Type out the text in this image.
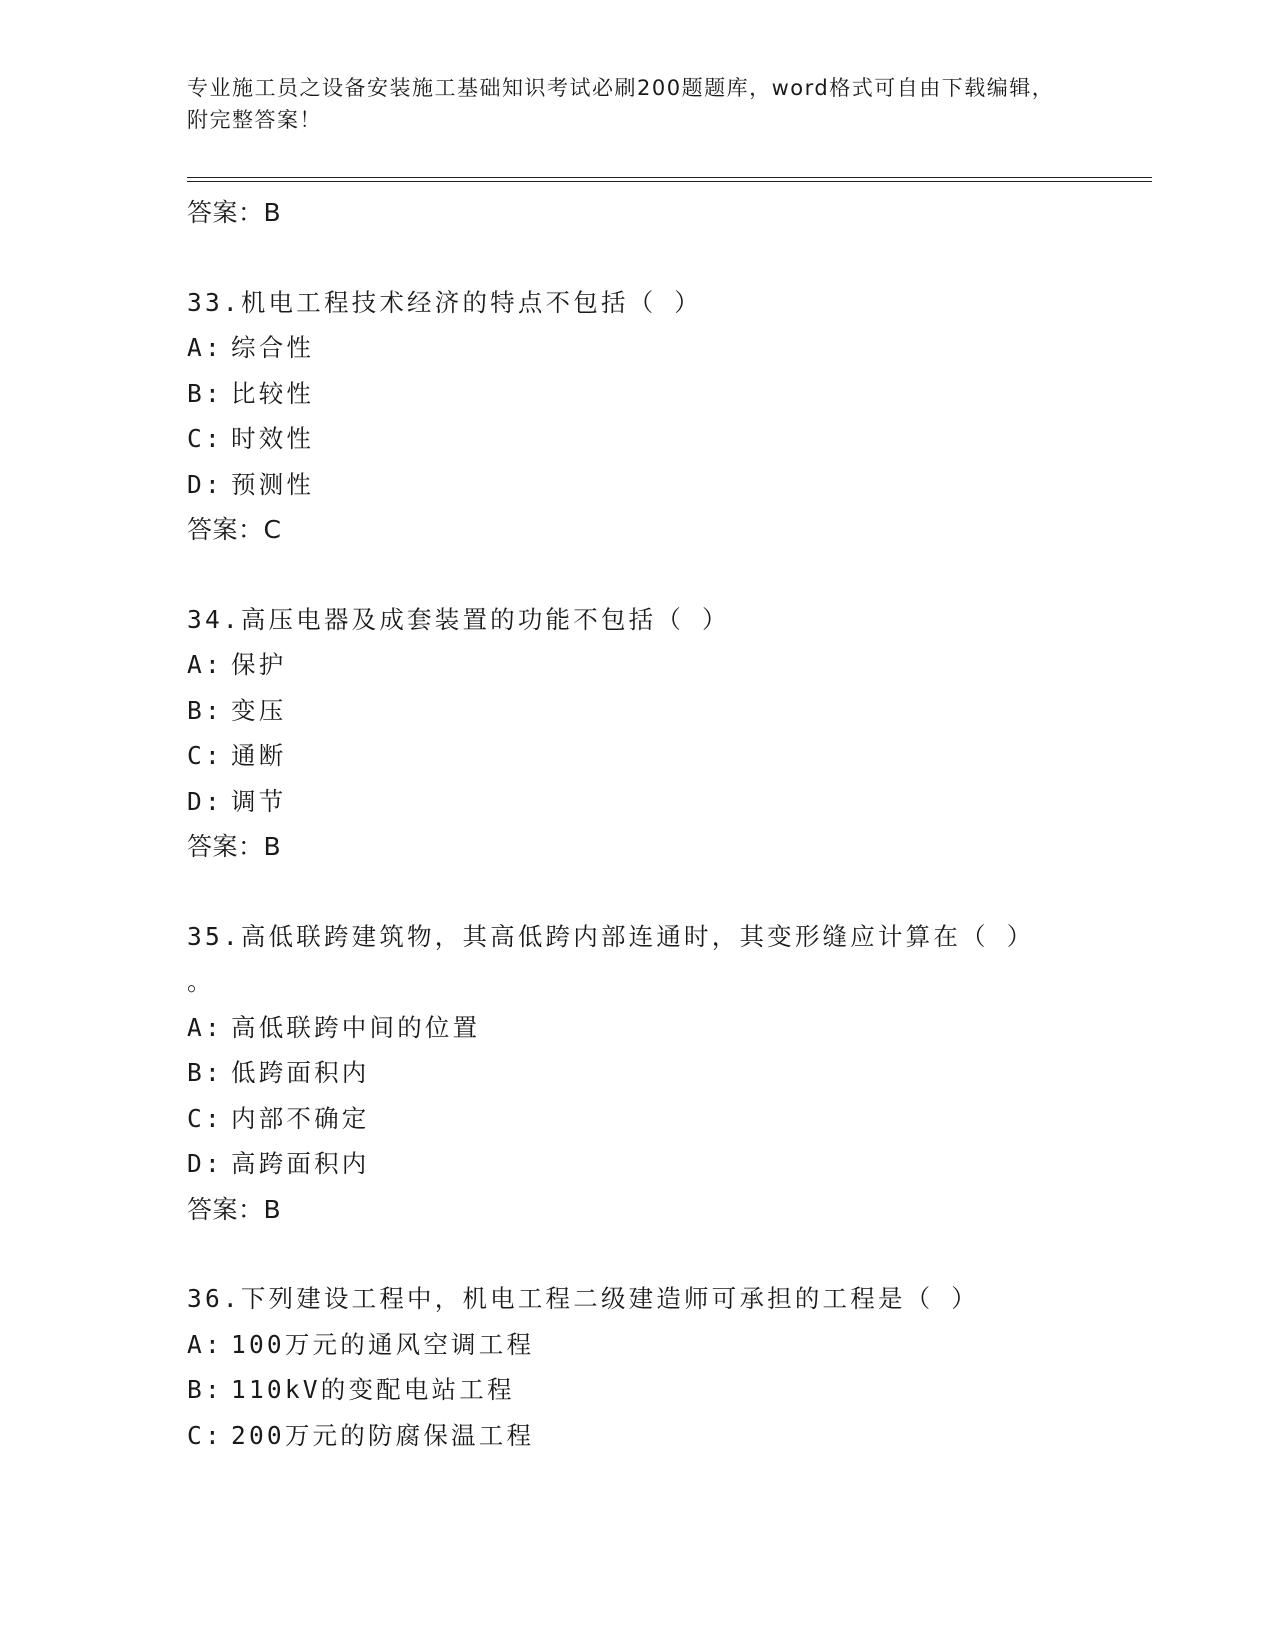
专业施工员之设备安装施工基础知识考试必刷200题题库，word格式可自由下载编辑，附完整答案！
答案：B
33.机电工程技术经济的特点不包括（ ）
A: 综合性
B: 比较性
C: 时效性
D: 预测性
答案：C
34.高压电器及成套装置的功能不包括（ ）
A: 保护
B: 变压
C: 通断
D: 调节
答案：B
35.高低联跨建筑物，其高低跨内部连通时，其变形缝应计算在（ ）
。
A: 高低联跨中间的位置
B: 低跨面积内
C: 内部不确定
D: 高跨面积内
答案：B
36.下列建设工程中，机电工程二级建造师可承担的工程是（ ）
A: 100万元的通风空调工程
B: 110kV的变配电站工程
C: 200万元的防腐保温工程
